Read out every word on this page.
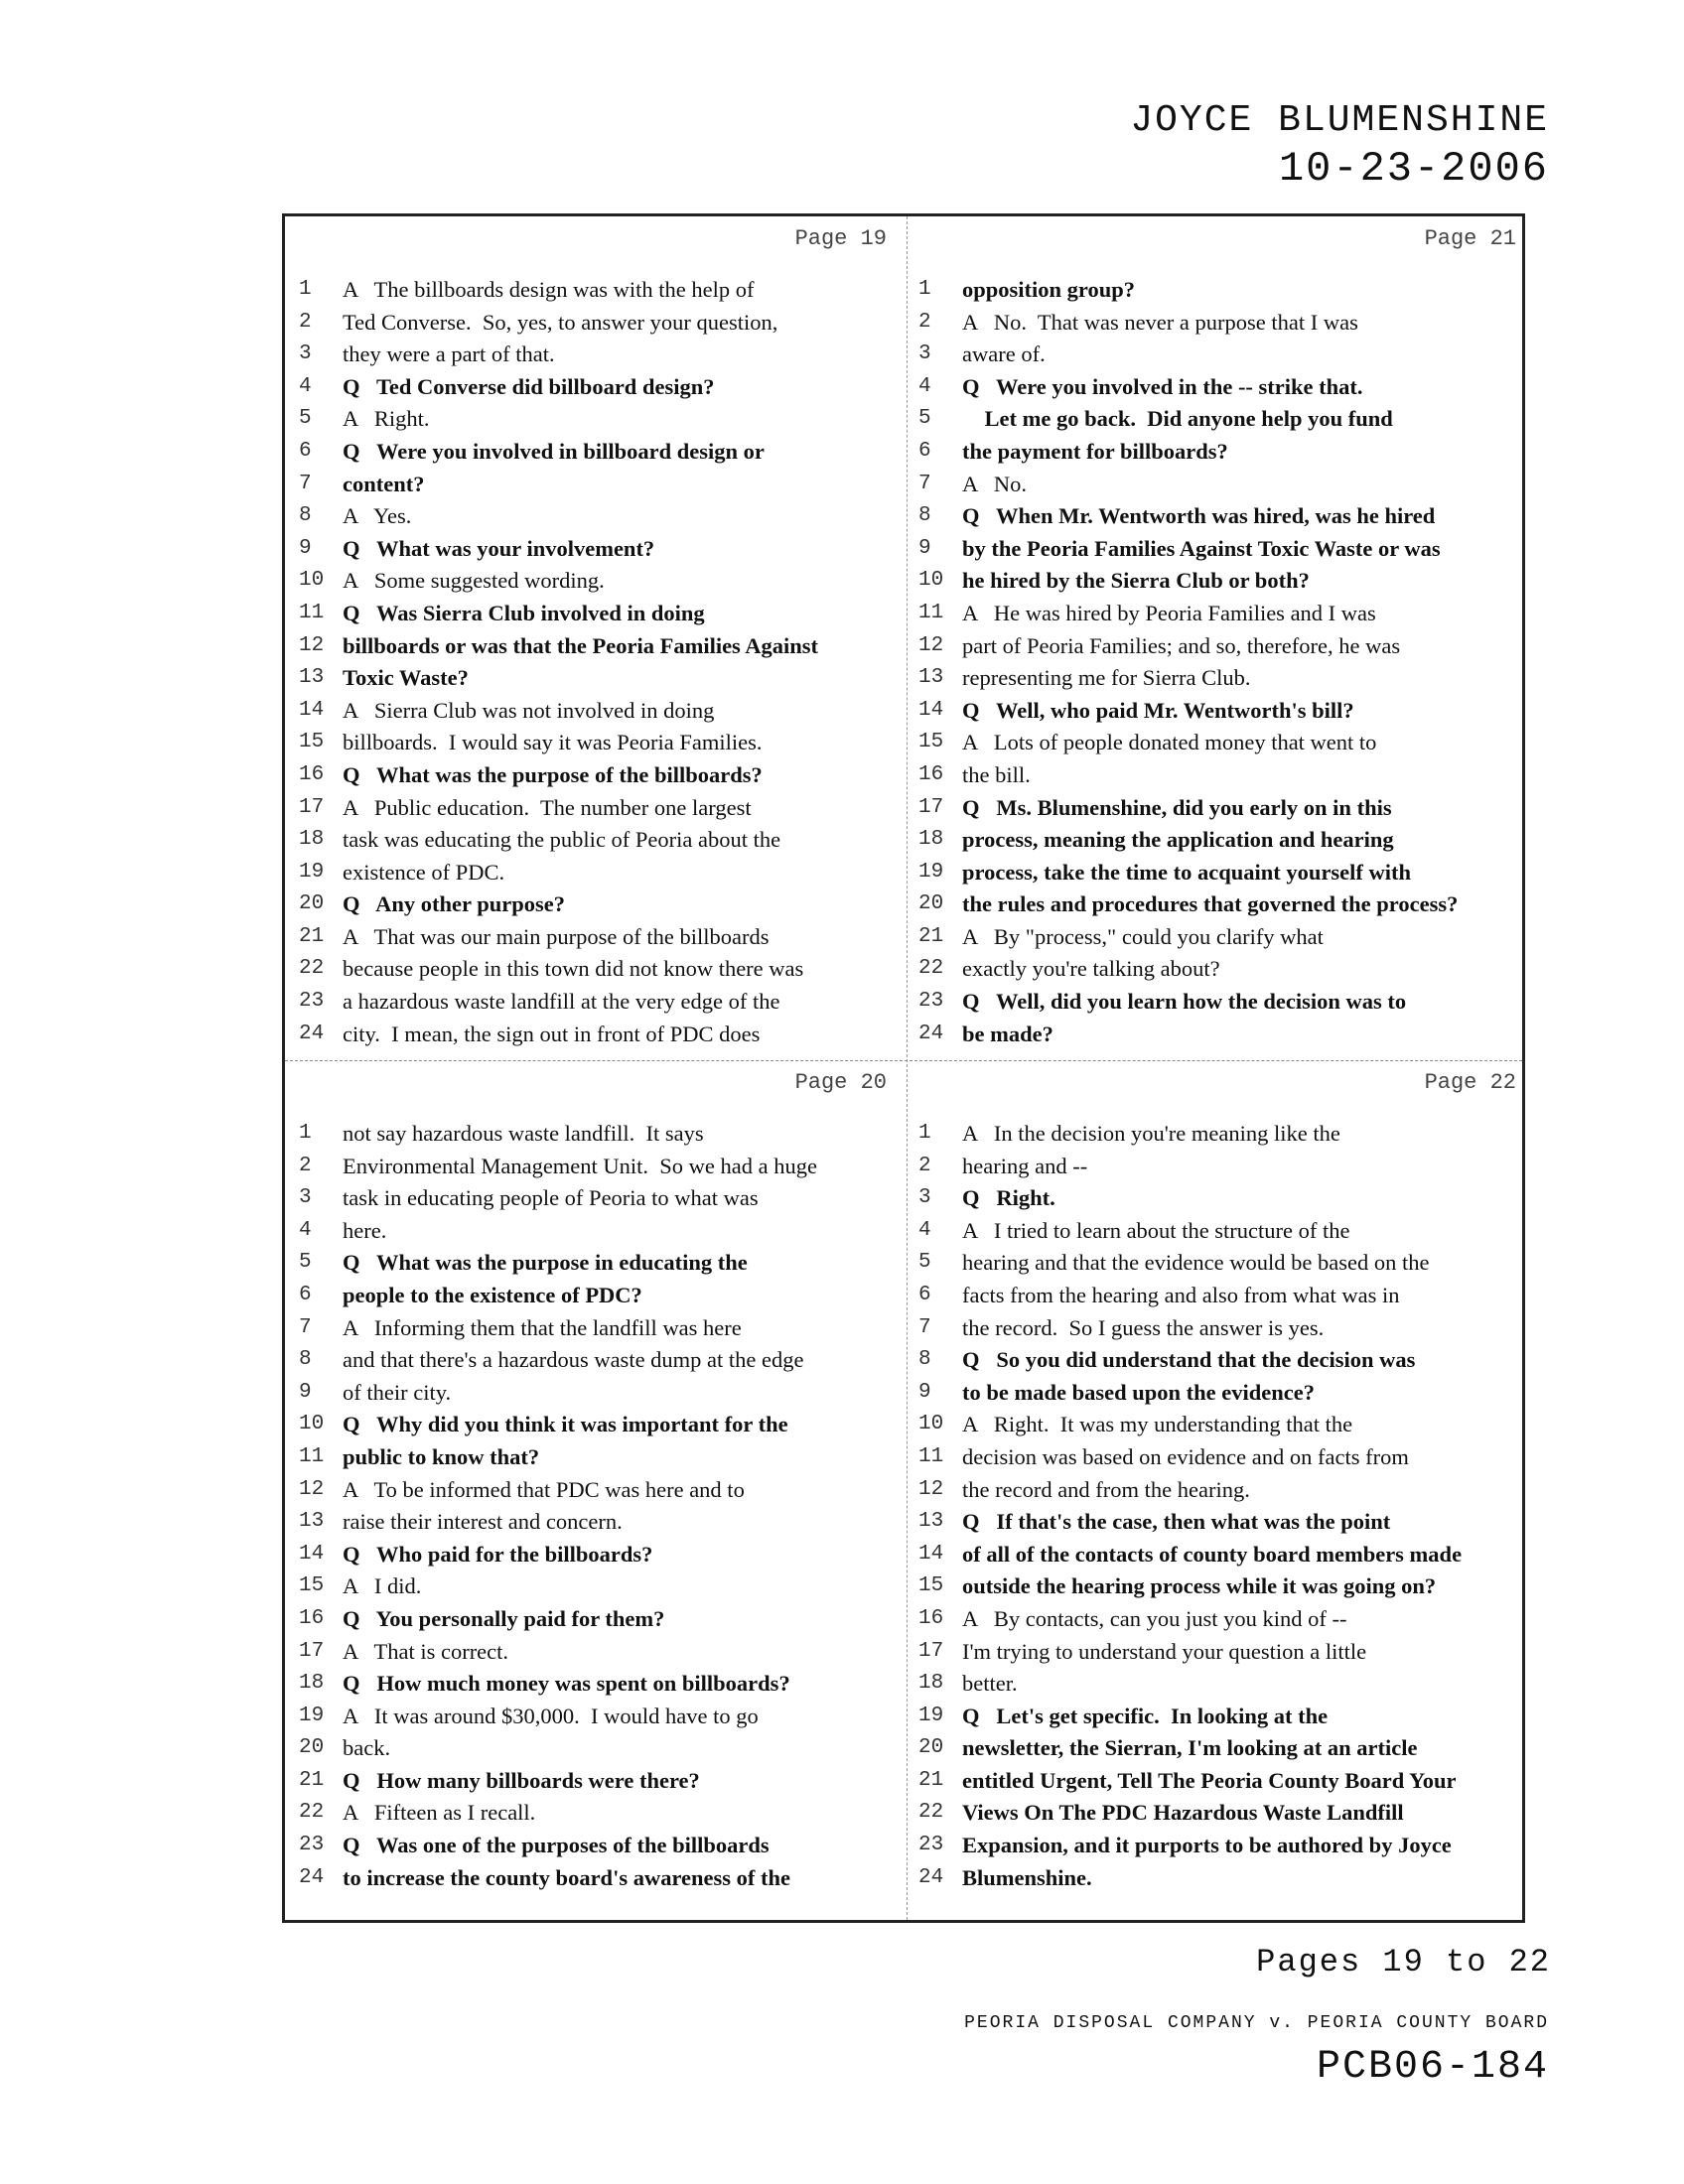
JOYCE BLUMENSHINE
10-23-2006
Page 19
1	A   The billboards design was with the help of
2	Ted Converse.  So, yes, to answer your question,
3	they were a part of that.
4	Q   Ted Converse did billboard design?
5	A   Right.
6	Q   Were you involved in billboard design or
7	content?
8	A   Yes.
9	Q   What was your involvement?
10 A   Some suggested wording.
11 Q   Was Sierra Club involved in doing
12 billboards or was that the Peoria Families Against
13 Toxic Waste?
14 A   Sierra Club was not involved in doing
15 billboards.  I would say it was Peoria Families.
16 Q   What was the purpose of the billboards?
17 A   Public education.  The number one largest
18 task was educating the public of Peoria about the
19 existence of PDC.
20 Q   Any other purpose?
21 A   That was our main purpose of the billboards
22 because people in this town did not know there was
23 a hazardous waste landfill at the very edge of the
24 city.  I mean, the sign out in front of PDC does
Page 21
1	opposition group?
2	A   No.  That was never a purpose that I was
3	aware of.
4	Q   Were you involved in the -- strike that.
5	Let me go back.  Did anyone help you fund
6	the payment for billboards?
7	A   No.
8	Q   When Mr. Wentworth was hired, was he hired
9	by the Peoria Families Against Toxic Waste or was
10 he hired by the Sierra Club or both?
11 A   He was hired by Peoria Families and I was
12 part of Peoria Families; and so, therefore, he was
13 representing me for Sierra Club.
14 Q   Well, who paid Mr. Wentworth's bill?
15 A   Lots of people donated money that went to
16 the bill.
17 Q   Ms. Blumenshine, did you early on in this
18 process, meaning the application and hearing
19 process, take the time to acquaint yourself with
20 the rules and procedures that governed the process?
21 A   By "process," could you clarify what
22 exactly you're talking about?
23 Q   Well, did you learn how the decision was to
24 be made?
Page 20
1	not say hazardous waste landfill.  It says
2	Environmental Management Unit.  So we had a huge
3	task in educating people of Peoria to what was
4	here.
5	Q   What was the purpose in educating the
6	people to the existence of PDC?
7	A   Informing them that the landfill was here
8	and that there's a hazardous waste dump at the edge
9	of their city.
10 Q   Why did you think it was important for the
11 public to know that?
12 A   To be informed that PDC was here and to
13 raise their interest and concern.
14 Q   Who paid for the billboards?
15 A   I did.
16 Q   You personally paid for them?
17 A   That is correct.
18 Q   How much money was spent on billboards?
19 A   It was around $30,000.  I would have to go
20 back.
21 Q   How many billboards were there?
22 A   Fifteen as I recall.
23 Q   Was one of the purposes of the billboards
24 to increase the county board's awareness of the
Page 22
1	A   In the decision you're meaning like the
2	hearing and --
3	Q   Right.
4	A   I tried to learn about the structure of the
5	hearing and that the evidence would be based on the
6	facts from the hearing and also from what was in
7	the record.  So I guess the answer is yes.
8	Q   So you did understand that the decision was
9	to be made based upon the evidence?
10 A   Right.  It was my understanding that the
11 decision was based on evidence and on facts from
12 the record and from the hearing.
13 Q   If that's the case, then what was the point
14 of all of the contacts of county board members made
15 outside the hearing process while it was going on?
16 A   By contacts, can you just you kind of --
17 I'm trying to understand your question a little
18 better.
19 Q   Let's get specific.  In looking at the
20 newsletter, the Sierran, I'm looking at an article
21 entitled Urgent, Tell The Peoria County Board Your
22 Views On The PDC Hazardous Waste Landfill
23 Expansion, and it purports to be authored by Joyce
24 Blumenshine.
Pages 19 to 22
PEORIA DISPOSAL COMPANY v. PEORIA COUNTY BOARD
PCB06-184
